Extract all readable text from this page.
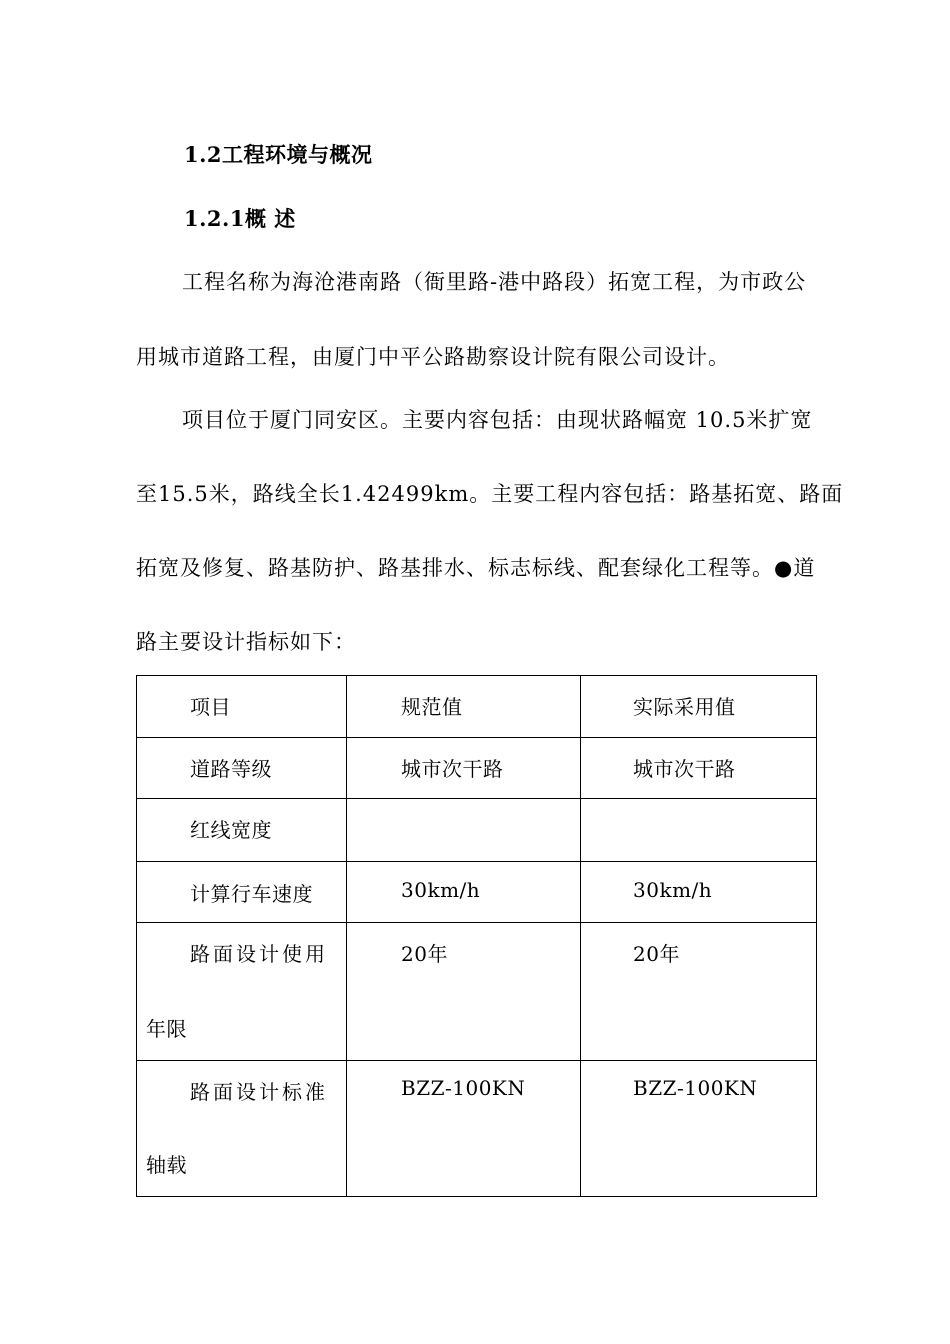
1.2工程环境与概况
1.2.1概 述
工程名称为海沧港南路（衙里路-港中路段）拓宽工程，为市政公
用城市道路工程，由厦门中平公路勘察设计院有限公司设计。
项目位于厦门同安区。主要内容包括：由现状路幅宽 10.5米扩宽
至15.5米，路线全长1.42499km。主要工程内容包括：路基拓宽、路面
拓宽及修复、路基防护、路基排水、标志标线、配套绿化工程等。●道
路主要设计指标如下：
项目	规范值	实际采用值

道路等级	城市次干路	城市次干路

红线宽度		

计算行车速度	30km/h	30km/h

路面设计使用
年限	20年	20年

路面设计标准
轴载	BZZ-100KN	BZZ-100KN
